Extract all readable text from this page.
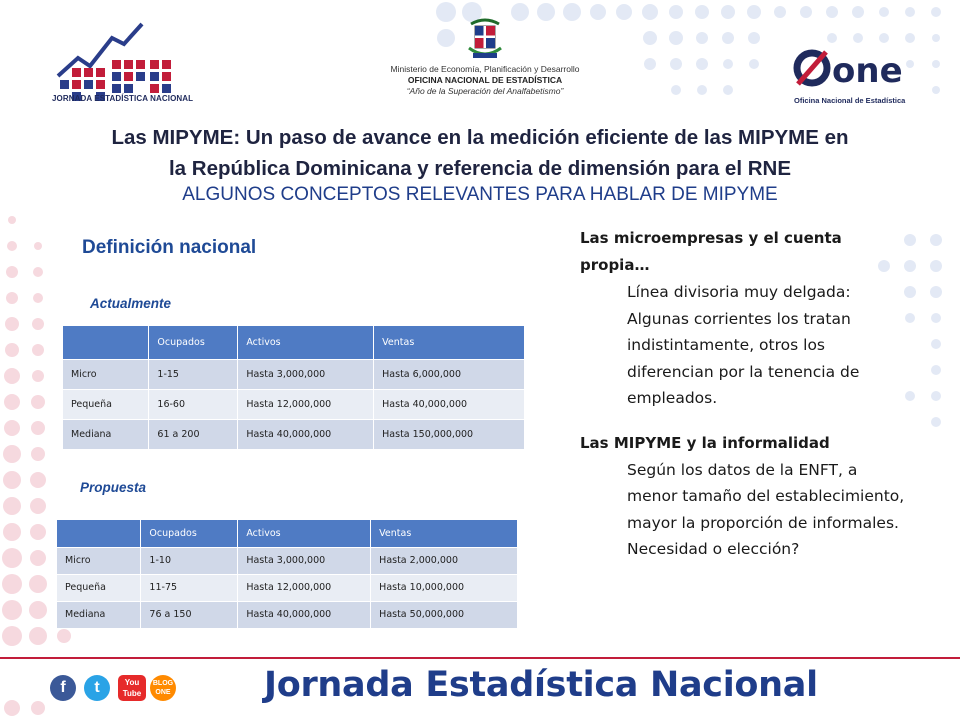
JORNADA ESTADÍSTICA NACIONAL
Ministerio de Economía, Planificación y Desarrollo
OFICINA NACIONAL DE ESTADÍSTICA
“Año de la Superación del Analfabetismo”	one
Oficina Nacional de Estadística
Las MIPYME: Un paso de avance en la medición eficiente de las MIPYME en
la República Dominicana y referencia de dimensión para el RNE
ALGUNOS CONCEPTOS RELEVANTES PARA HABLAR DE MIPYME
Definición nacional
Actualmente
	Ocupados	Activos	Ventas
Micro	1-15	Hasta 3,000,000	Hasta 6,000,000
Pequeña	16-60	Hasta 12,000,000	Hasta 40,000,000
Mediana	61 a 200	Hasta 40,000,000	Hasta 150,000,000
Propuesta
	Ocupados	Activos	Ventas
Micro	1-10	Hasta 3,000,000	Hasta 2,000,000
Pequeña	11-75	Hasta 12,000,000	Hasta 10,000,000
Mediana	76 a 150	Hasta 40,000,000	Hasta 50,000,000
Las microempresas y el cuenta propia…
Línea divisoria muy delgada: Algunas corrientes los tratan indistintamente, otros los diferencian por la tenencia de empleados.
Las MIPYME y la informalidad
Según los datos de la ENFT, a menor tamaño del establecimiento, mayor la proporción de informales. Necesidad o elección?
f	t	You Tube
BLOG ONE	Jornada Estadística Nacional
